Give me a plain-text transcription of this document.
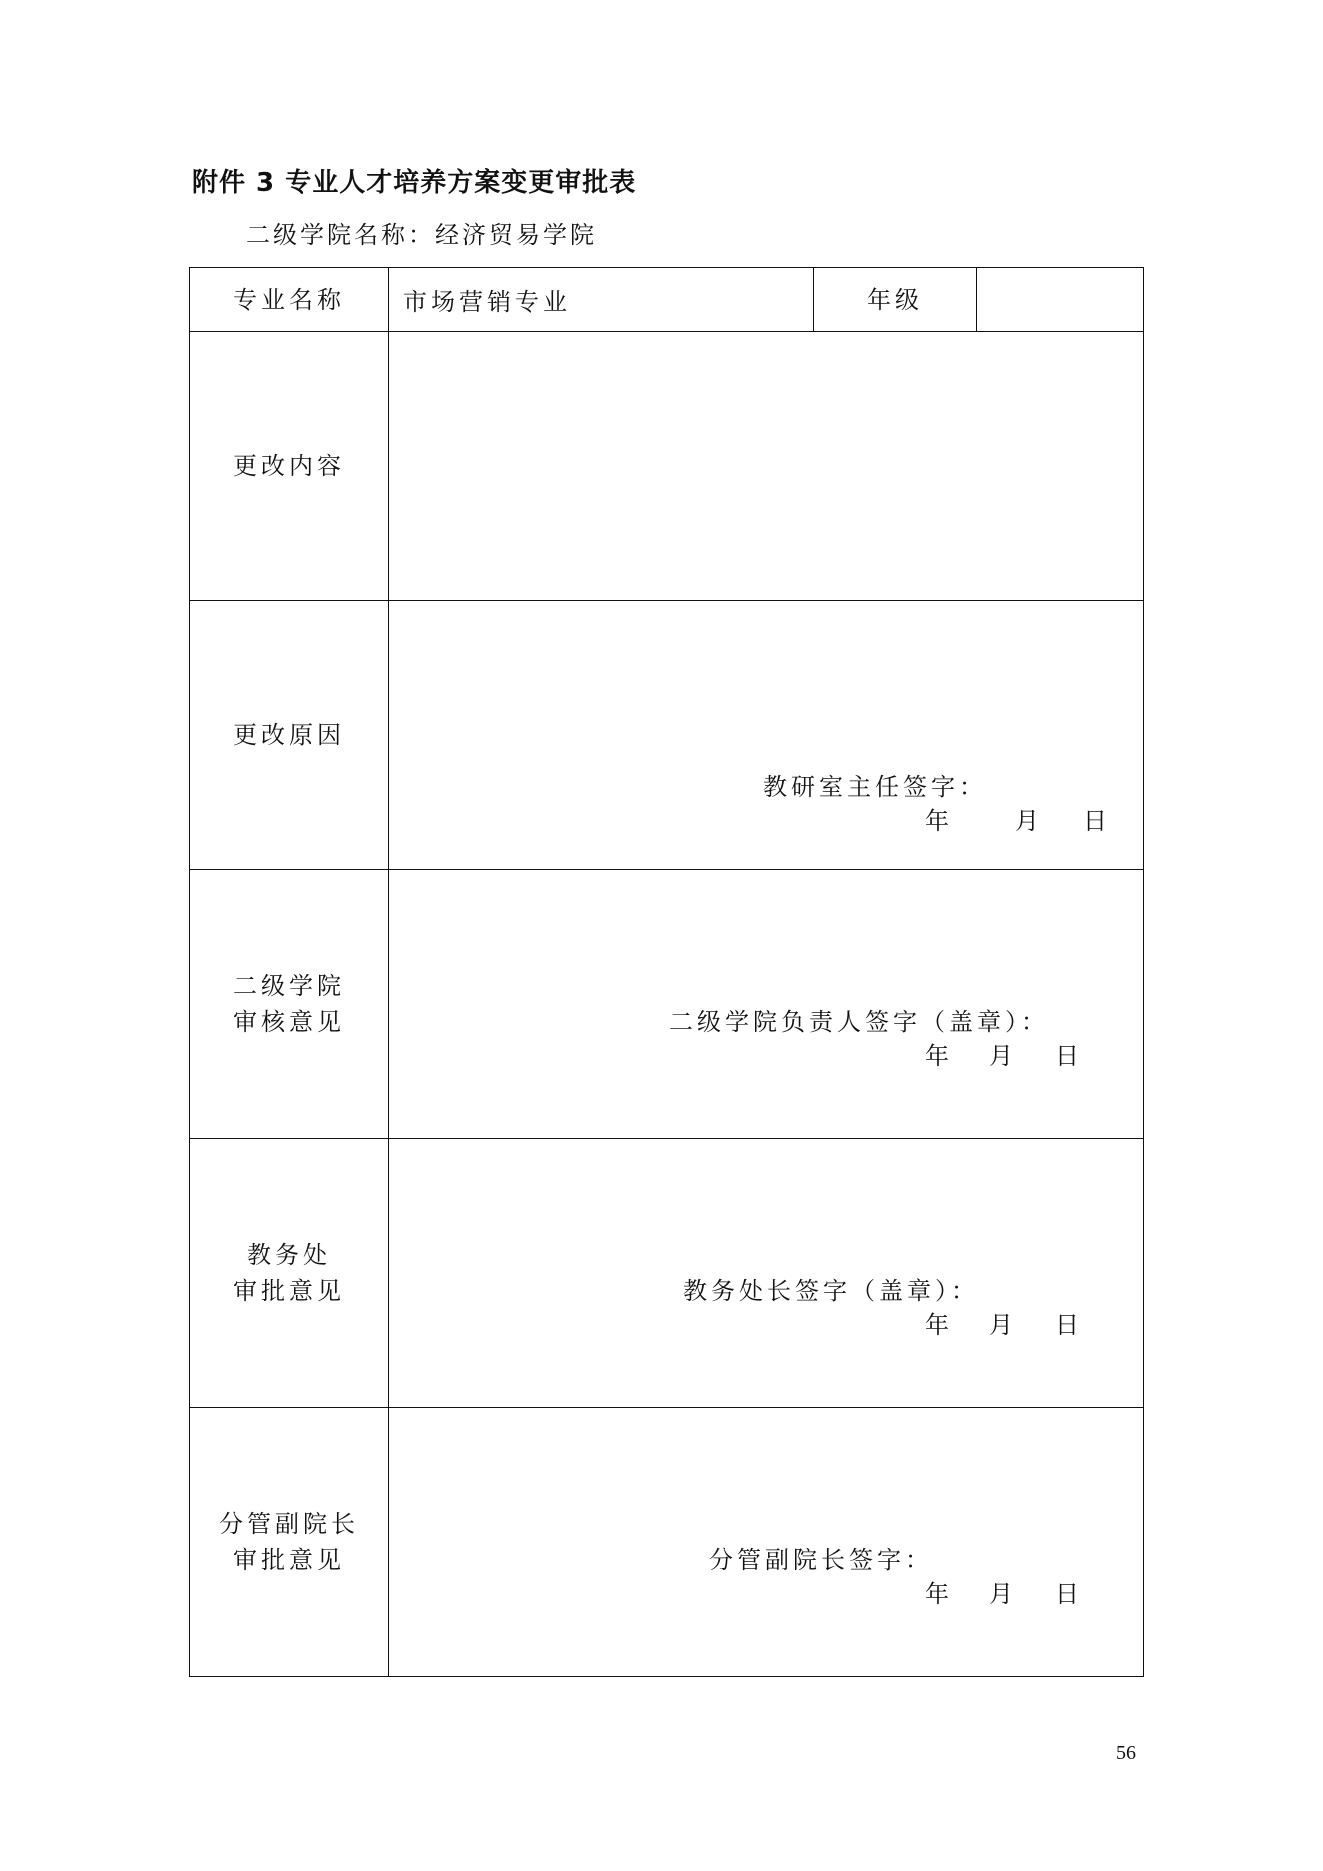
附件 3 专业人才培养方案变更审批表
二级学院名称：经济贸易学院
专业名称	市场营销专业	年级	

更改内容			

更改原因	教研室主任签字：
年 月 日		

二级学院
审核意见	二级学院负责人签字（盖章）：
年 月 日		

教务处
审批意见	教务处长签字（盖章）：
年 月 日		

分管副院长
审批意见	分管副院长签字：
年 月 日		
56
